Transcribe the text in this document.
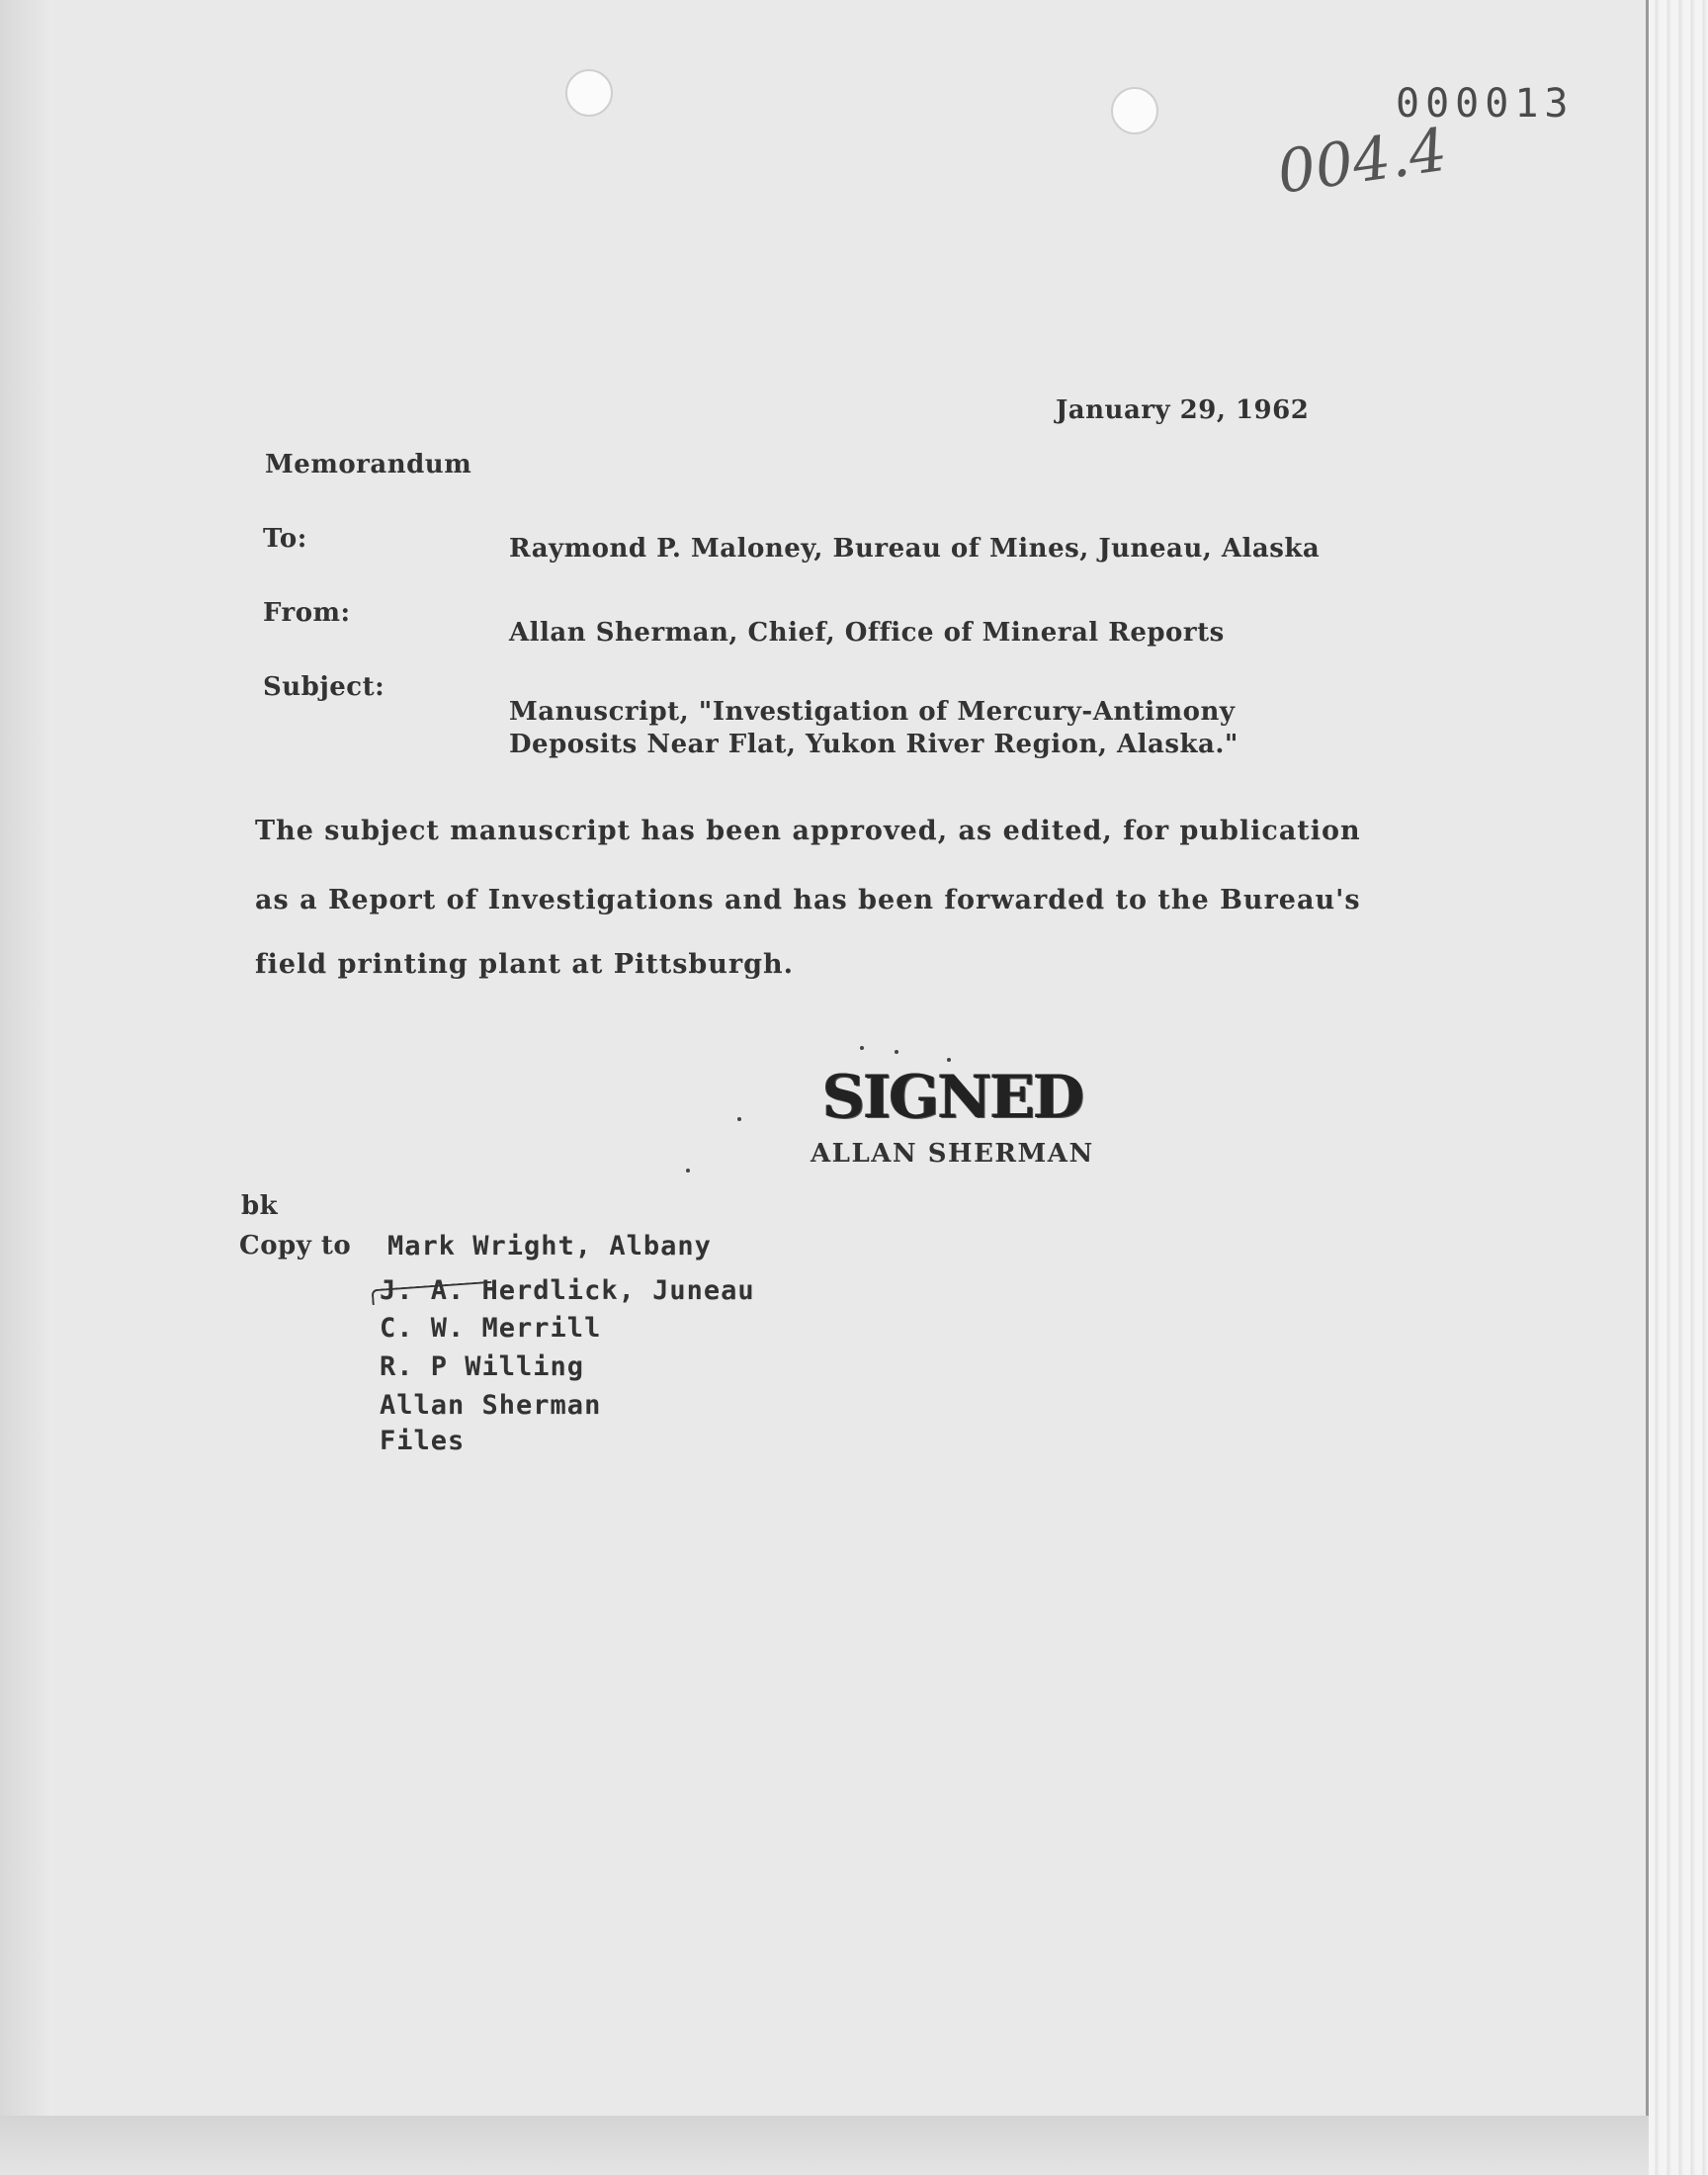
000013
004.4
January 29, 1962
Memorandum
To:	Raymond P. Maloney, Bureau of Mines, Juneau, Alaska
From:
Allan Sherman, Chief, Office of Mineral Reports
Subject:
Manuscript, "Investigation of Mercury-Antimony
Deposits Near Flat, Yukon River Region, Alaska."
The subject manuscript has been approved, as edited, for publication
as a Report of Investigations and has been forwarded to the Bureau's
field printing plant at Pittsburgh.
SIGNED
ALLAN SHERMAN
bk
Copy to Mark Wright, Albany
J. A. Herdlick, Juneau
C. W. Merrill
R. P Willing
Allan Sherman
Files
